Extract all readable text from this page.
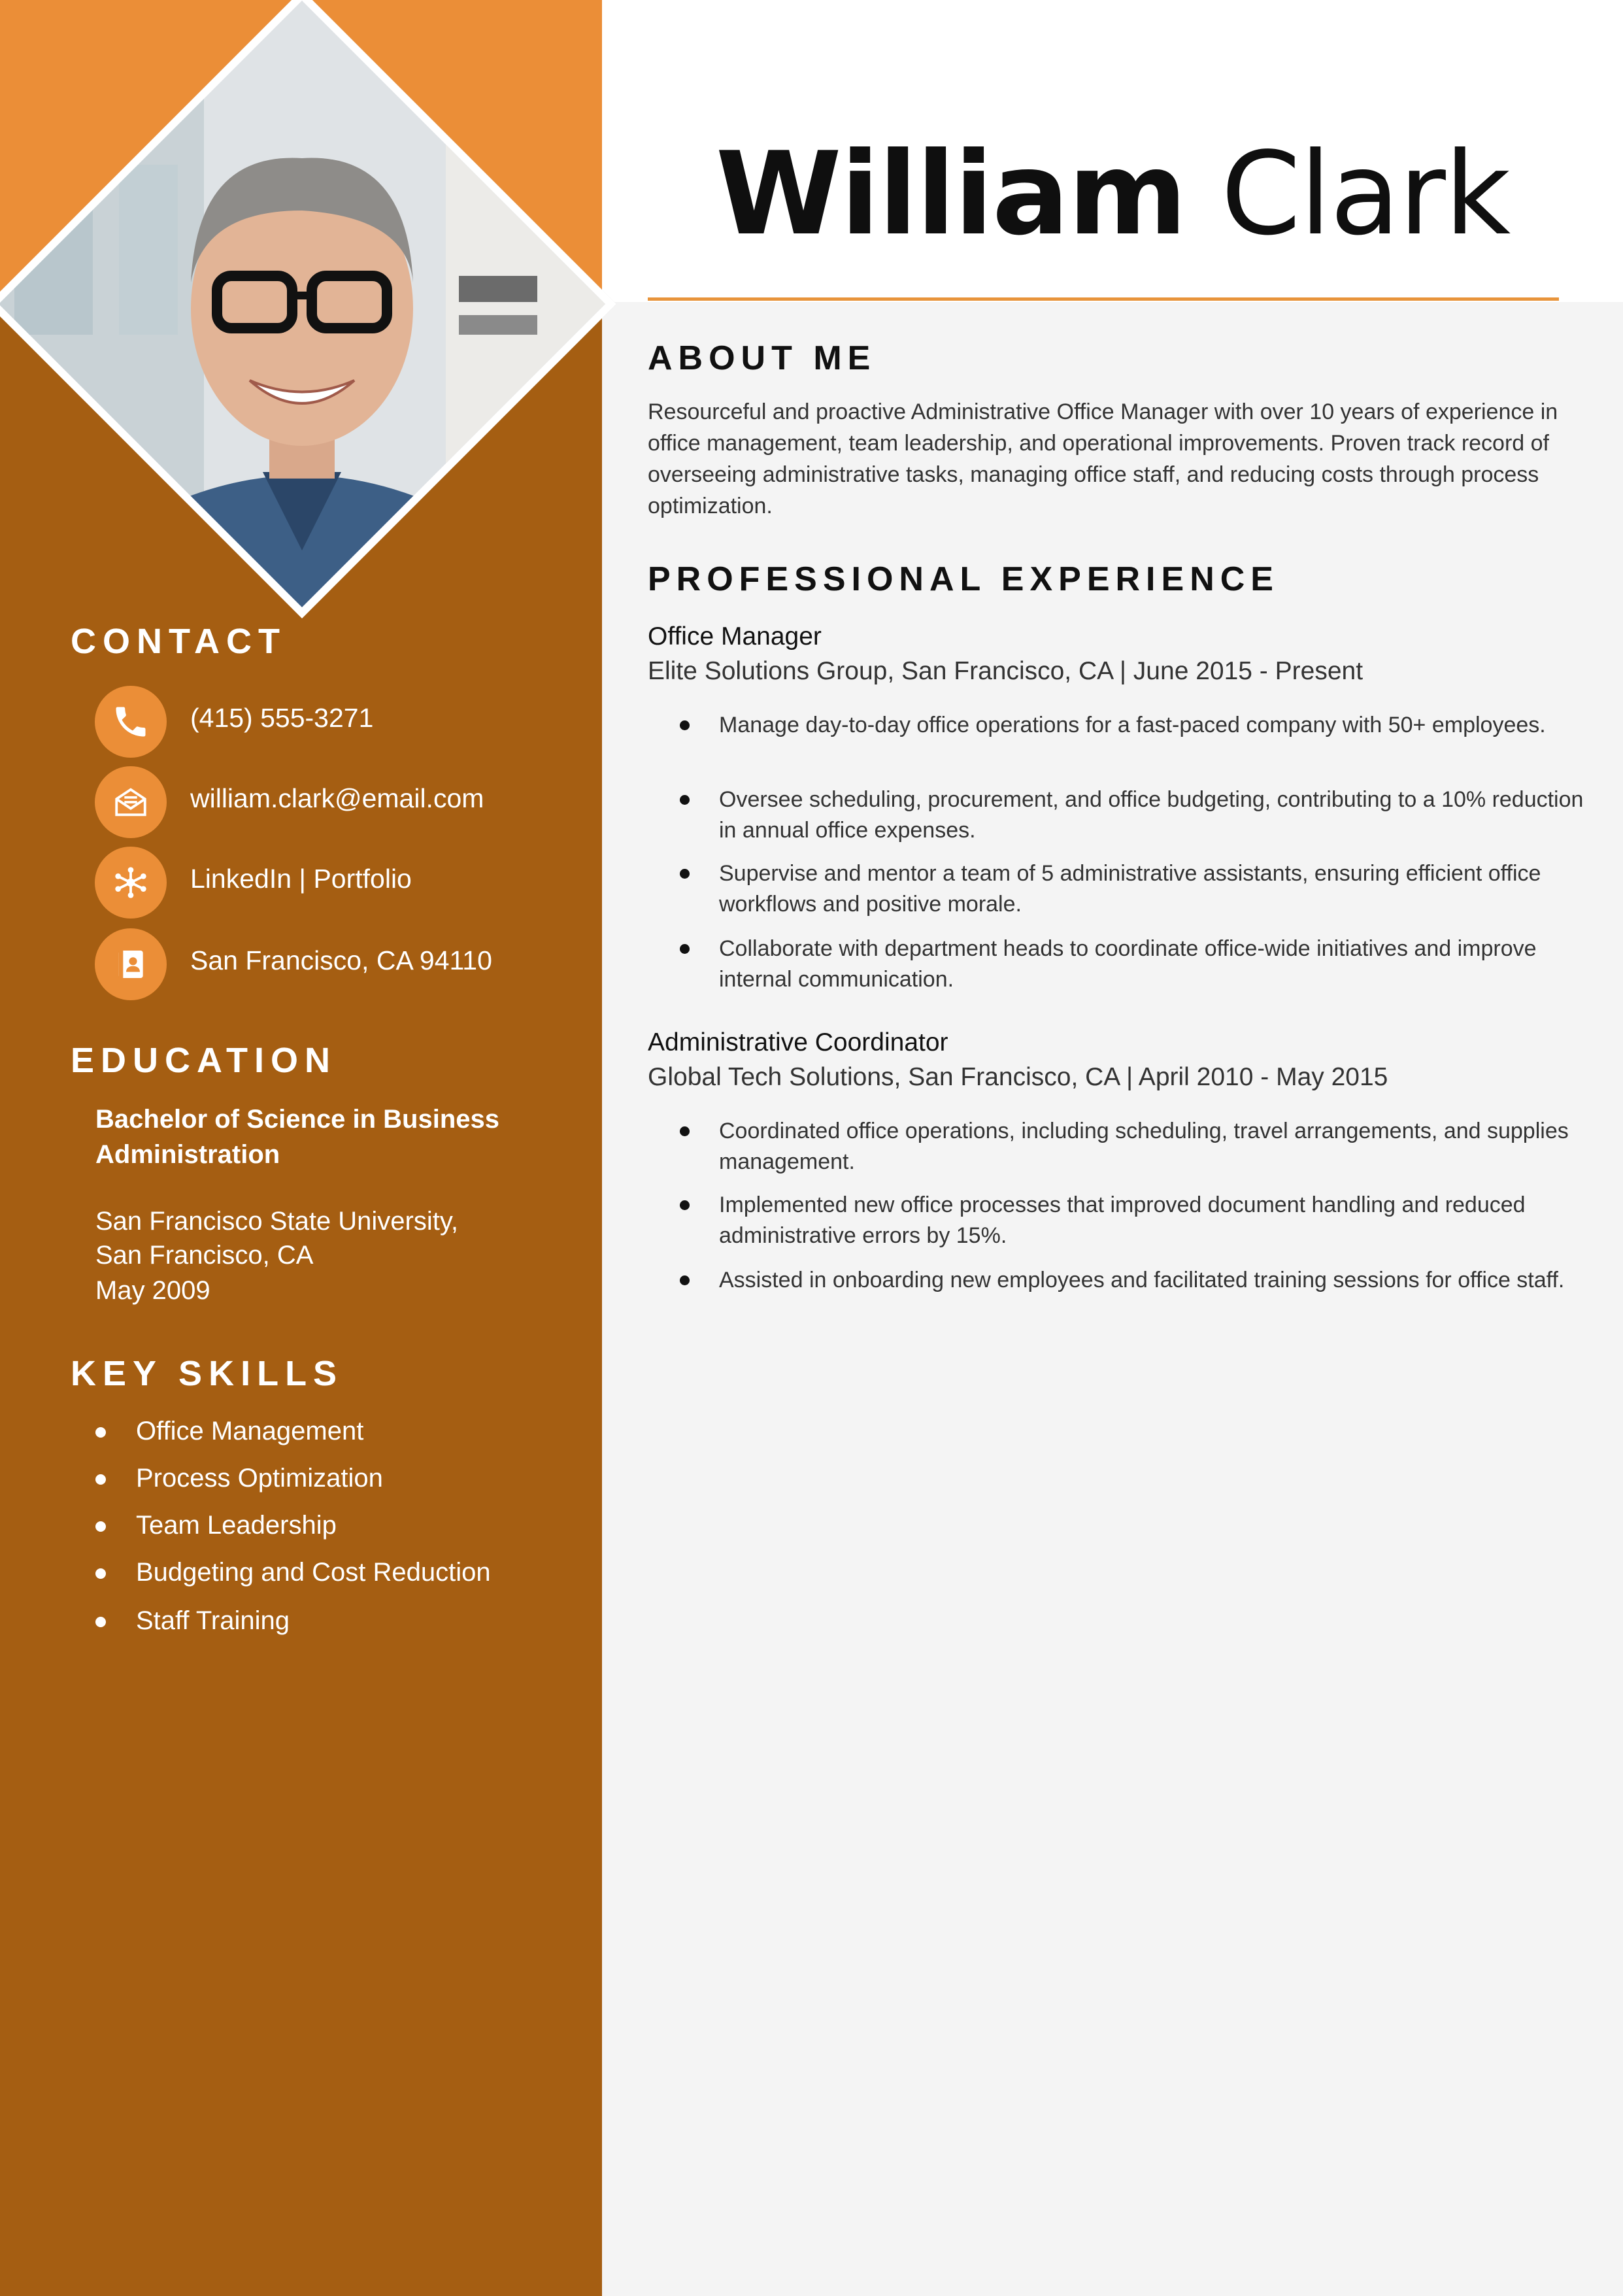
William Clark
CONTACT
(415) 555-3271
william.clark@email.com
LinkedIn | Portfolio
San Francisco, CA 94110
EDUCATION
Bachelor of Science in Business Administration
San Francisco State University,
San Francisco, CA
May 2009
KEY SKILLS
Office Management
Process Optimization
Team Leadership
Budgeting and Cost Reduction
Staff Training
ABOUT ME
Resourceful and proactive Administrative Office Manager with over 10 years of experience in office management, team leadership, and operational improvements. Proven track record of overseeing administrative tasks, managing office staff, and reducing costs through process optimization.
PROFESSIONAL EXPERIENCE
Office Manager
Elite Solutions Group, San Francisco, CA | June 2015 - Present
Manage day-to-day office operations for a fast-paced company with 50+ employees.
Oversee scheduling, procurement, and office budgeting, contributing to a 10% reduction in annual office expenses.
Supervise and mentor a team of 5 administrative assistants, ensuring efficient office workflows and positive morale.
Collaborate with department heads to coordinate office-wide initiatives and improve internal communication.
Administrative Coordinator
Global Tech Solutions, San Francisco, CA | April 2010 - May 2015
Coordinated office operations, including scheduling, travel arrangements, and supplies management.
Implemented new office processes that improved document handling and reduced administrative errors by 15%.
Assisted in onboarding new employees and facilitated training sessions for office staff.
